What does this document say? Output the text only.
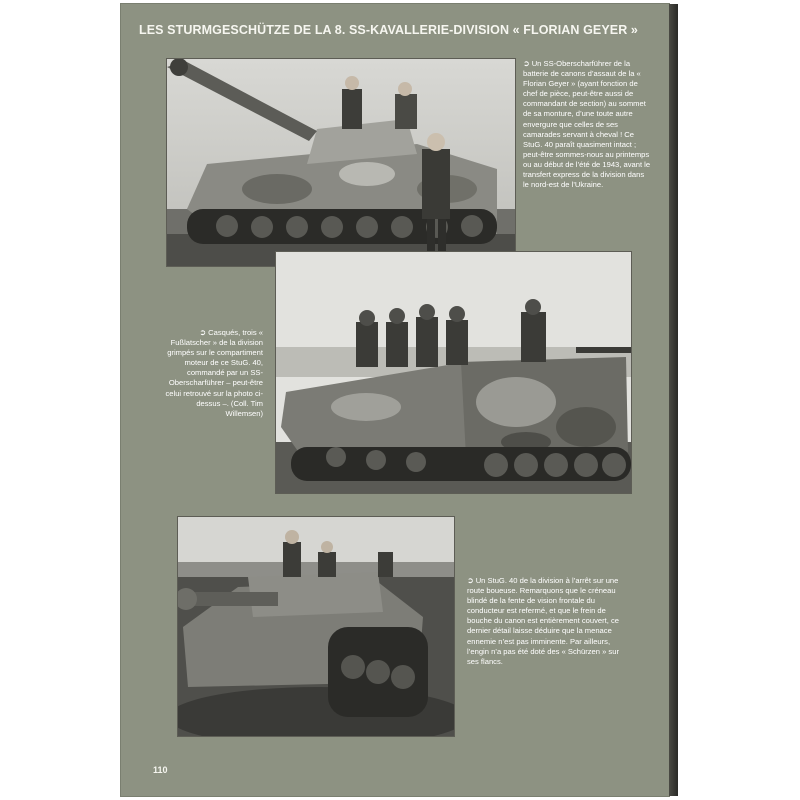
LES STURMGESCHÜTZE DE LA 8. SS-KAVALLERIE-DIVISION « FLORIAN GEYER »

➲ Un SS-Oberscharführer de la batterie de canons d’assaut de la « Florian Geyer » (ayant fonction de chef de pièce, peut-être aussi de commandant de section) au sommet de sa monture, d’une toute autre envergure que celles de ses camarades servant à cheval ! Ce StuG. 40 paraît quasiment intact ; peut-être sommes-nous au printemps ou au début de l’été de 1943, avant le transfert express de la division dans le nord-est de l’Ukraine.

➲ Casqués, trois « Fußlatscher » de la division grimpés sur le compartiment moteur de ce StuG. 40, commandé par un SS-Oberscharführer – peut-être celui retrouvé sur la photo ci-dessus –. (Coll. Tim Willemsen)

➲ Un StuG. 40 de la division à l’arrêt sur une route boueuse. Remarquons que le créneau blindé de la fente de vision frontale du conducteur est refermé, et que le frein de bouche du canon est entièrement couvert, ce dernier détail laisse déduire que la menace ennemie n’est pas imminente. Par ailleurs, l’engin n’a pas été doté des « Schürzen » sur ses flancs.

110
